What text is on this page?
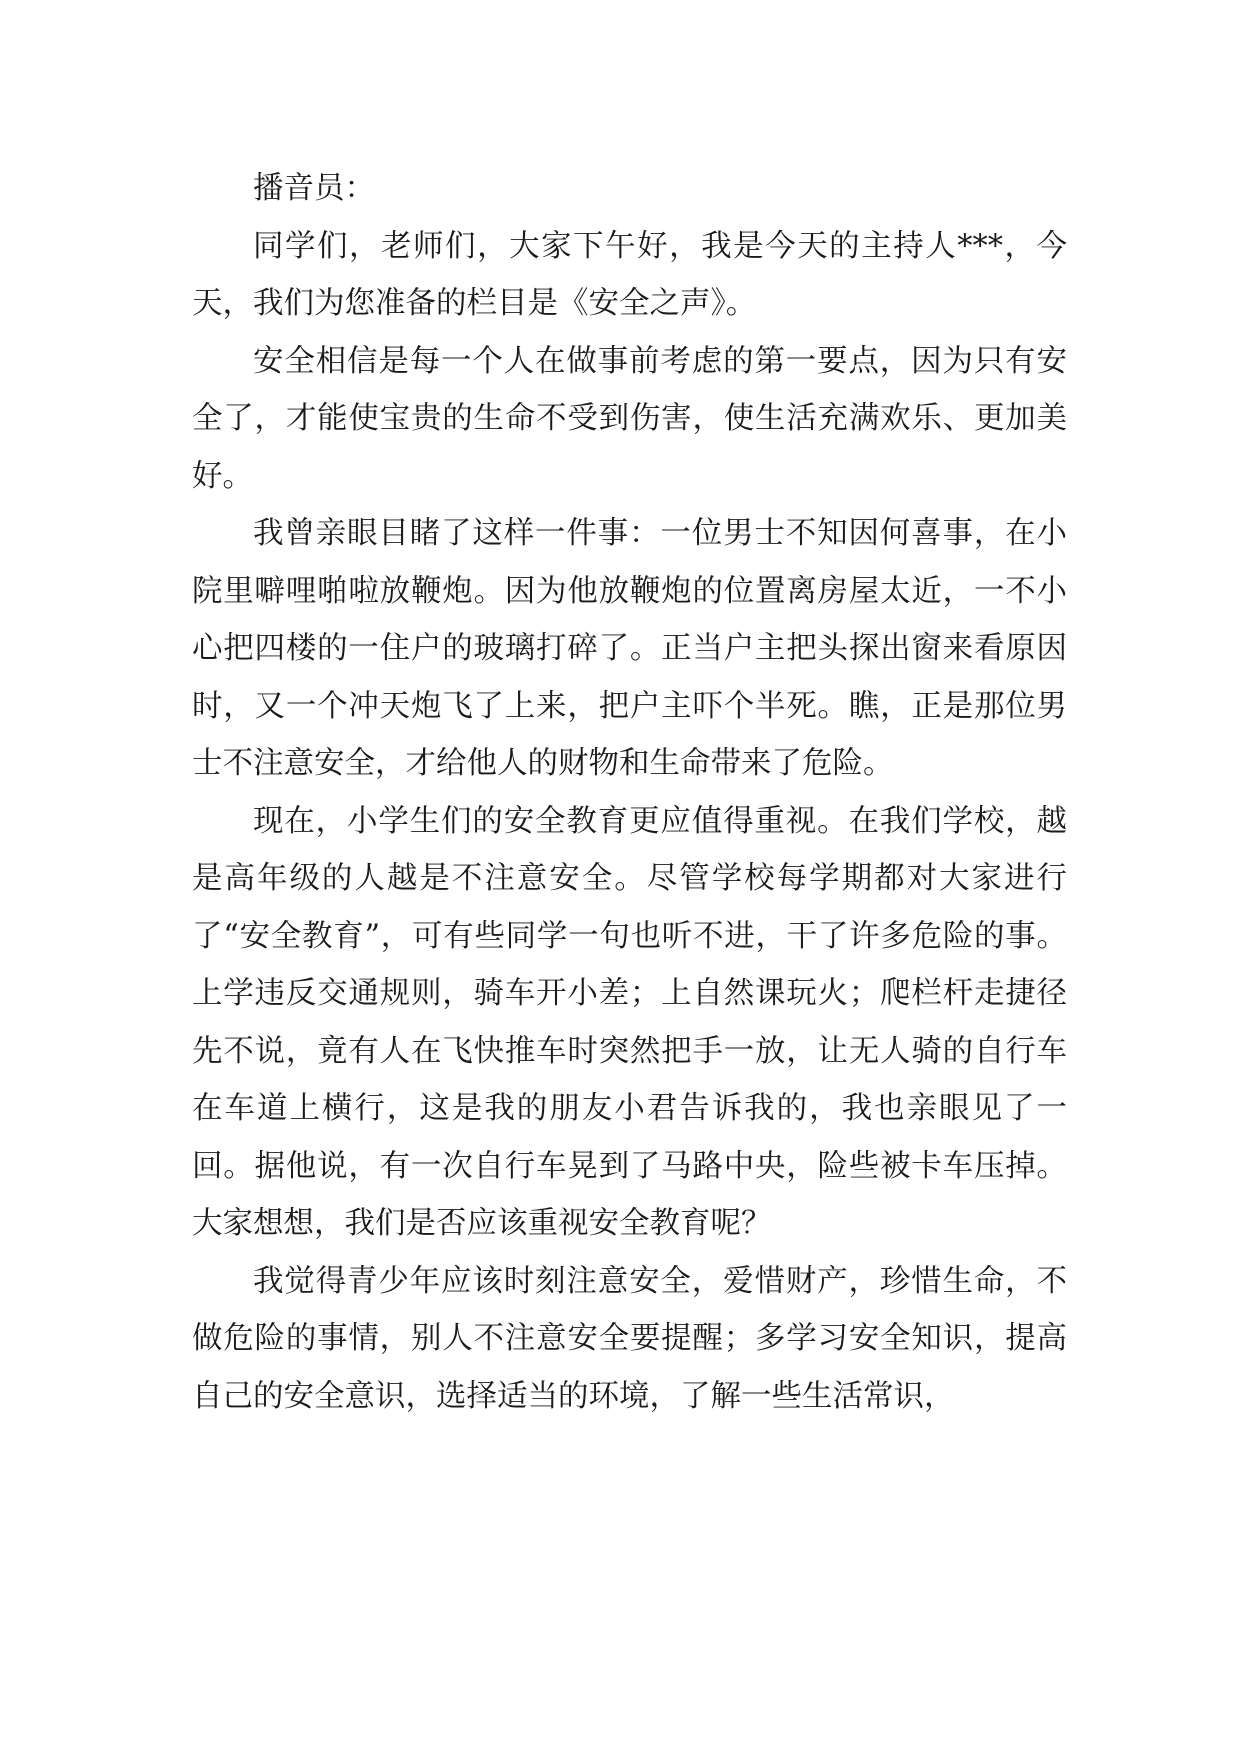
播音员：

同学们，老师们，大家下午好，我是今天的主持人***，今天，我们为您准备的栏目是《安全之声》。

安全相信是每一个人在做事前考虑的第一要点，因为只有安全了，才能使宝贵的生命不受到伤害，使生活充满欢乐、更加美好。

我曾亲眼目睹了这样一件事：一位男士不知因何喜事，在小院里噼哩啪啦放鞭炮。因为他放鞭炮的位置离房屋太近，一不小心把四楼的一住户的玻璃打碎了。正当户主把头探出窗来看原因时，又一个冲天炮飞了上来，把户主吓个半死。瞧，正是那位男士不注意安全，才给他人的财物和生命带来了危险。

现在，小学生们的安全教育更应值得重视。在我们学校，越是高年级的人越是不注意安全。尽管学校每学期都对大家进行了“安全教育”，可有些同学一句也听不进，干了许多危险的事。上学违反交通规则，骑车开小差；上自然课玩火；爬栏杆走捷径先不说，竟有人在飞快推车时突然把手一放，让无人骑的自行车在车道上横行，这是我的朋友小君告诉我的，我也亲眼见了一回。据他说，有一次自行车晃到了马路中央，险些被卡车压掉。大家想想，我们是否应该重视安全教育呢？

我觉得青少年应该时刻注意安全，爱惜财产，珍惜生命，不做危险的事情，别人不注意安全要提醒；多学习安全知识，提高自己的安全意识，选择适当的环境，了解一些生活常识，
